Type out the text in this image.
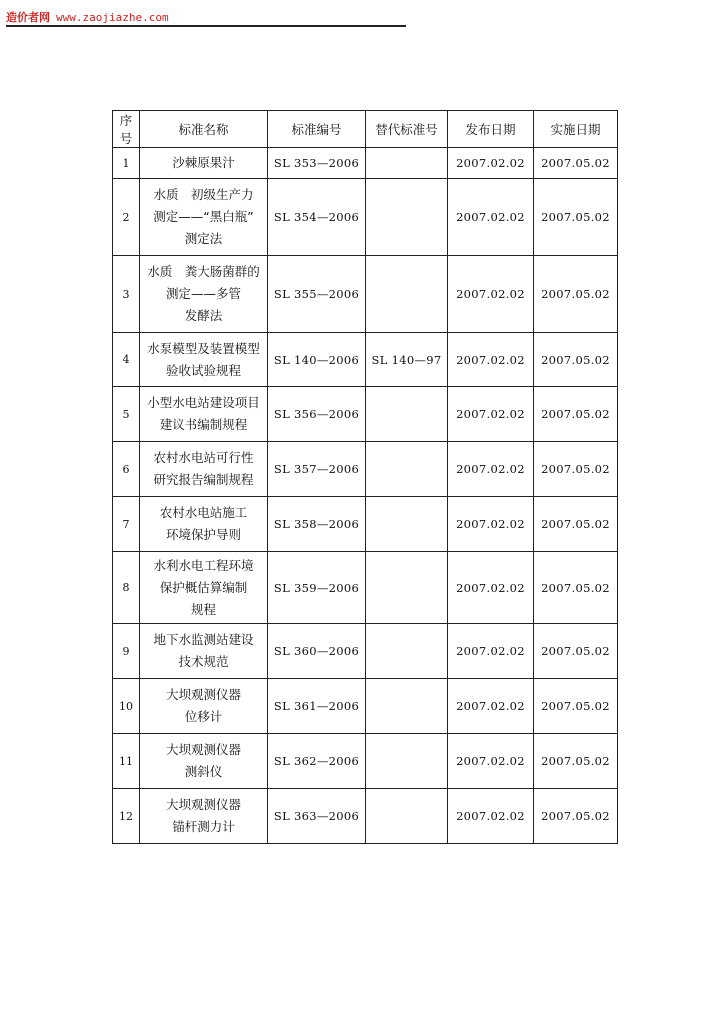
造价者网 www.zaojiazhe.com
序号	标准名称	标准编号	替代标准号	发布日期	实施日期
1	沙棘原果汁	SL 353—2006		2007.02.02	2007.05.02
2	水质　初级生产力
测定——“黑白瓶”
测定法	SL 354—2006		2007.02.02	2007.05.02
3	水质　粪大肠菌群的
测定——多管
发酵法	SL 355—2006		2007.02.02	2007.05.02
4	水泵模型及装置模型
验收试验规程	SL 140—2006	SL 140—97	2007.02.02	2007.05.02
5	小型水电站建设项目
建议书编制规程	SL 356—2006		2007.02.02	2007.05.02
6	农村水电站可行性
研究报告编制规程	SL 357—2006		2007.02.02	2007.05.02
7	农村水电站施工
环境保护导则	SL 358—2006		2007.02.02	2007.05.02
8	水利水电工程环境
保护概估算编制
规程	SL 359—2006		2007.02.02	2007.05.02
9	地下水监测站建设
技术规范	SL 360—2006		2007.02.02	2007.05.02
10	大坝观测仪器
位移计	SL 361—2006		2007.02.02	2007.05.02
11	大坝观测仪器
测斜仪	SL 362—2006		2007.02.02	2007.05.02
12	大坝观测仪器
锚杆测力计	SL 363—2006		2007.02.02	2007.05.02
